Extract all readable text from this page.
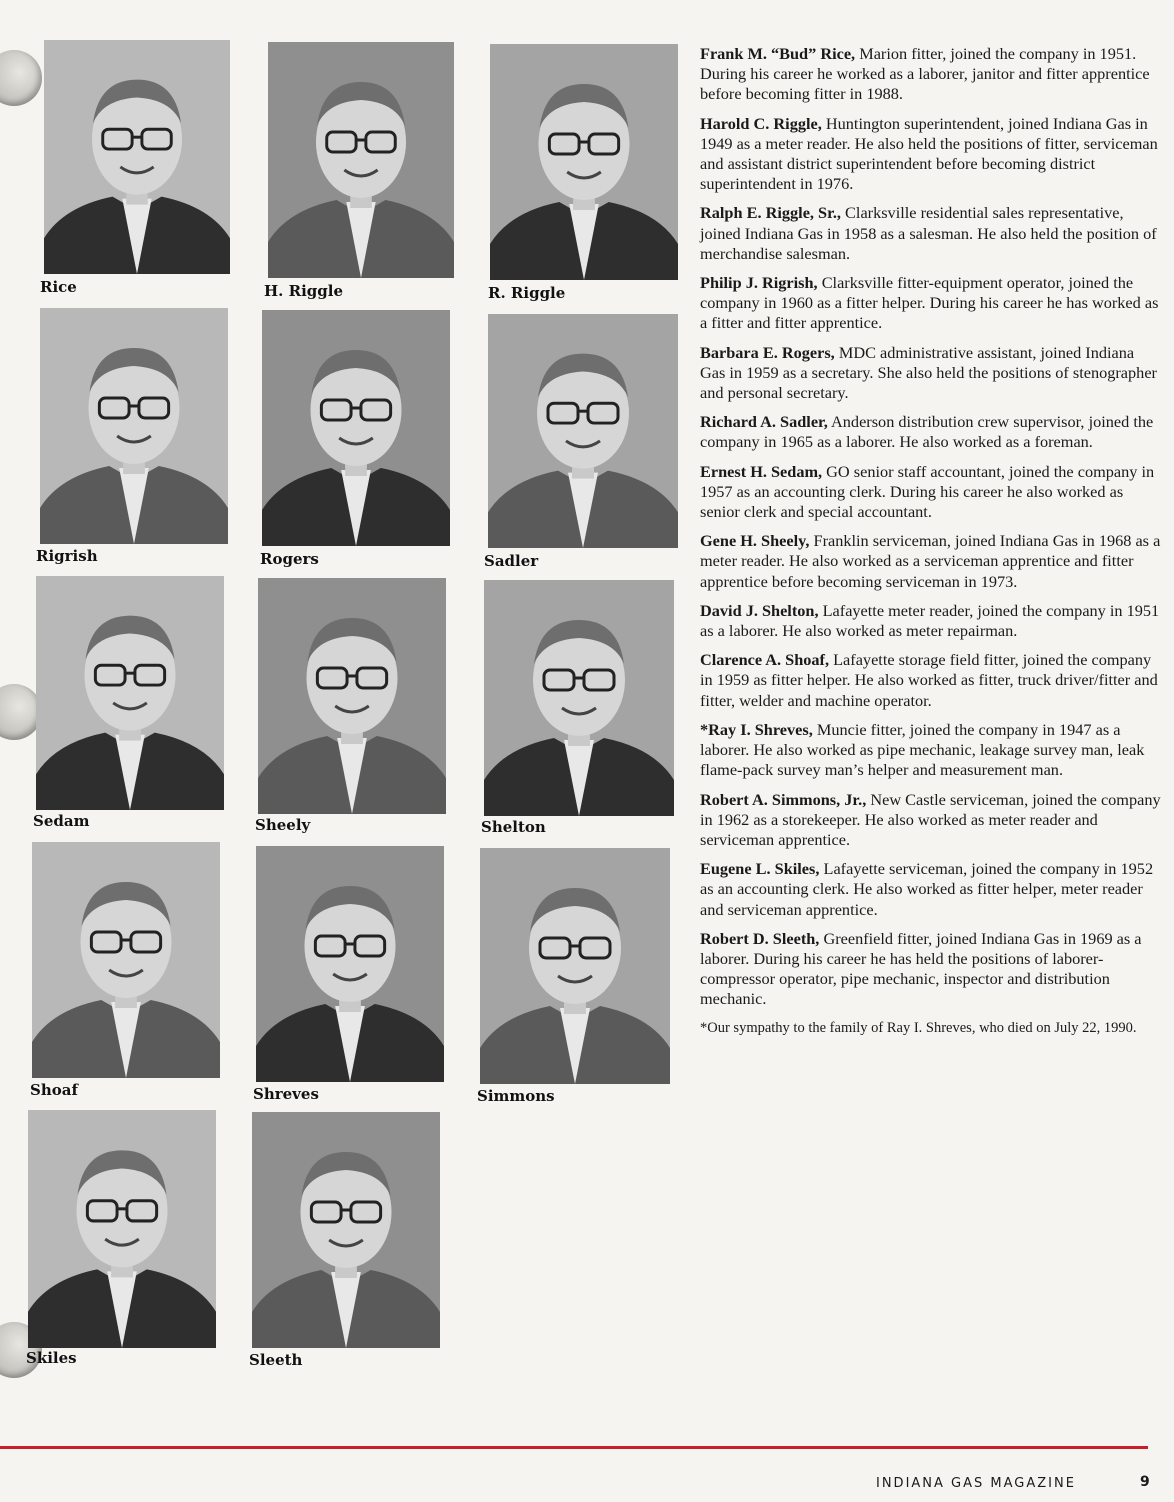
Rice	H. Riggle	R. Riggle
Rigrish	Rogers	Sadler
Sedam	Sheely	Shelton
Shoaf	Shreves	Simmons
Skiles	Sleeth

Frank M. “Bud” Rice, Marion fitter, joined the company in 1951. During his career he worked as a laborer, janitor and fitter apprentice before becoming fitter in 1988.

Harold C. Riggle, Huntington superintendent, joined Indiana Gas in 1949 as a meter reader. He also held the positions of fitter, serviceman and assistant district superintendent before becoming district superintendent in 1976.

Ralph E. Riggle, Sr., Clarksville residential sales representative, joined Indiana Gas in 1958 as a salesman. He also held the position of merchandise salesman.

Philip J. Rigrish, Clarksville fitter-equipment operator, joined the company in 1960 as a fitter helper. During his career he has worked as a fitter and fitter apprentice.

Barbara E. Rogers, MDC administrative assistant, joined Indiana Gas in 1959 as a secretary. She also held the positions of stenographer and personal secretary.

Richard A. Sadler, Anderson distribution crew supervisor, joined the company in 1965 as a laborer. He also worked as a foreman.

Ernest H. Sedam, GO senior staff accountant, joined the company in 1957 as an accounting clerk. During his career he also worked as senior clerk and special accountant.

Gene H. Sheely, Franklin serviceman, joined Indiana Gas in 1968 as a meter reader. He also worked as a serviceman apprentice and fitter apprentice before becoming serviceman in 1973.

David J. Shelton, Lafayette meter reader, joined the company in 1951 as a laborer. He also worked as meter repairman.

Clarence A. Shoaf, Lafayette storage field fitter, joined the company in 1959 as fitter helper. He also worked as fitter, truck driver/fitter and fitter, welder and machine operator.

*Ray I. Shreves, Muncie fitter, joined the company in 1947 as a laborer. He also worked as pipe mechanic, leakage survey man, leak flame-pack survey man’s helper and measurement man.

Robert A. Simmons, Jr., New Castle serviceman, joined the company in 1962 as a storekeeper. He also worked as meter reader and serviceman apprentice.

Eugene L. Skiles, Lafayette serviceman, joined the company in 1952 as an accounting clerk. He also worked as fitter helper, meter reader and serviceman apprentice.

Robert D. Sleeth, Greenfield fitter, joined Indiana Gas in 1969 as a laborer. During his career he has held the positions of laborer-compressor operator, pipe mechanic, inspector and distribution mechanic.

*Our sympathy to the family of Ray I. Shreves, who died on July 22, 1990.
INDIANA GAS MAGAZINE	9
